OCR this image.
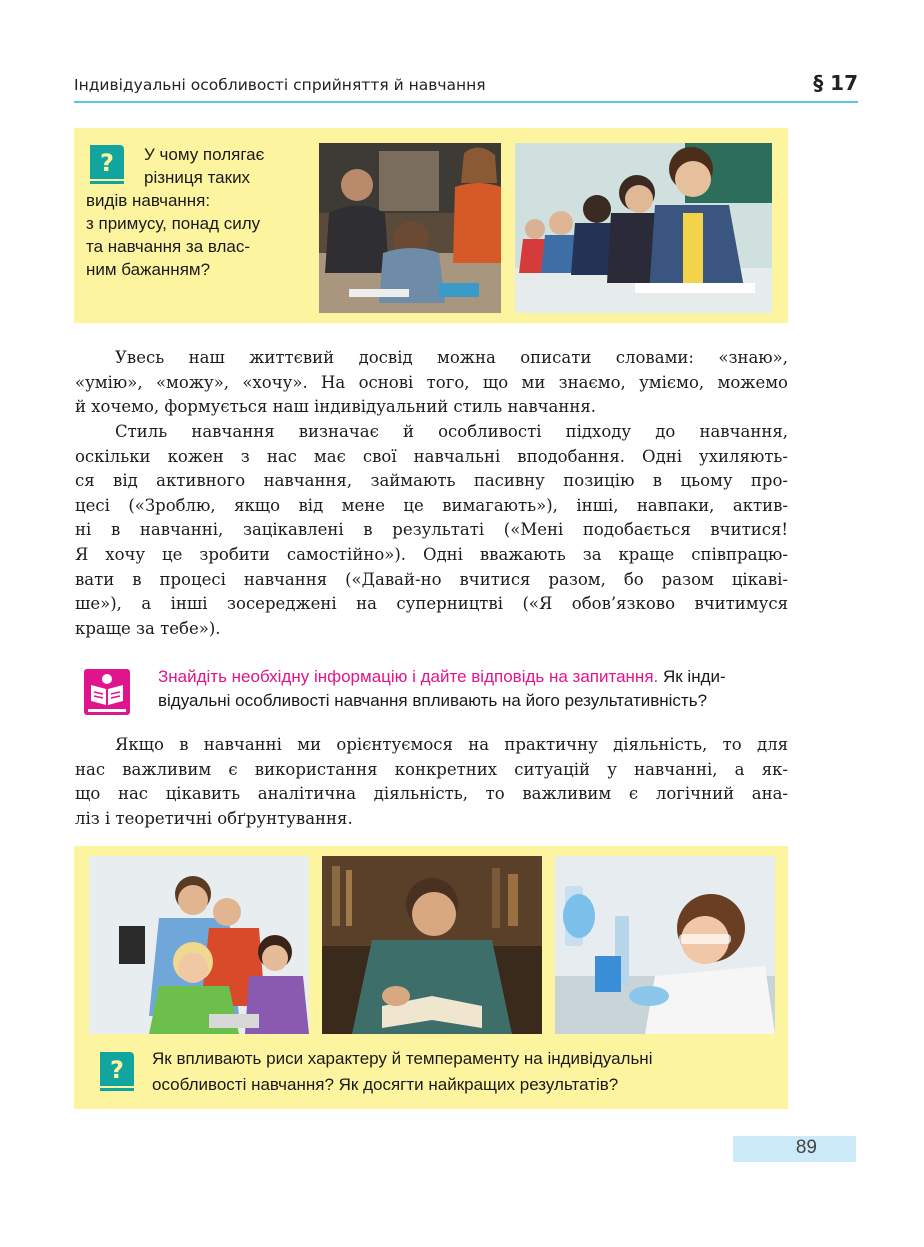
Індивідуальні особливості сприйняття й навчання	§ 17
?	У чому полягає
різниця таких
видів навчання:
з примусу, понад силу
та навчання за влас-
ним бажанням?
Увесь наш життєвий досвід можна описати словами: «знаю»,
«умію», «можу», «хочу». На основі того, що ми знаємо, уміємо, можемо
й хочемо, формується наш індивідуальний стиль навчання.
Стиль навчання визначає й особливості підходу до навчання,
оскільки кожен з нас має свої навчальні вподобання. Одні ухиляють-
ся від активного навчання, займають пасивну позицію в цьому про-
цесі («Зроблю, якщо від мене це вимагають»), інші, навпаки, актив-
ні в навчанні, зацікавлені в результаті («Мені подобається вчитися!
Я хочу це зробити самостійно»). Одні вважають за краще співпрацю-
вати в процесі навчання («Давай-но вчитися разом, бо разом цікаві-
ше»), а інші зосереджені на суперництві («Я обов’язково вчитимуся
краще за тебе»).
Знайдіть необхідну інформацію і дайте відповідь на запитання. Як інди-
відуальні особливості навчання впливають на його результативність?
Якщо в навчанні ми орієнтуємося на практичну діяльність, то для
нас важливим є використання конкретних ситуацій у навчанні, а як-
що нас цікавить аналітична діяльність, то важливим є логічний ана-
ліз і теоретичні обґрунтування.
? Як впливають риси характеру й темпераменту на індивідуальні
особливості навчання? Як досягти найкращих результатів?
89
